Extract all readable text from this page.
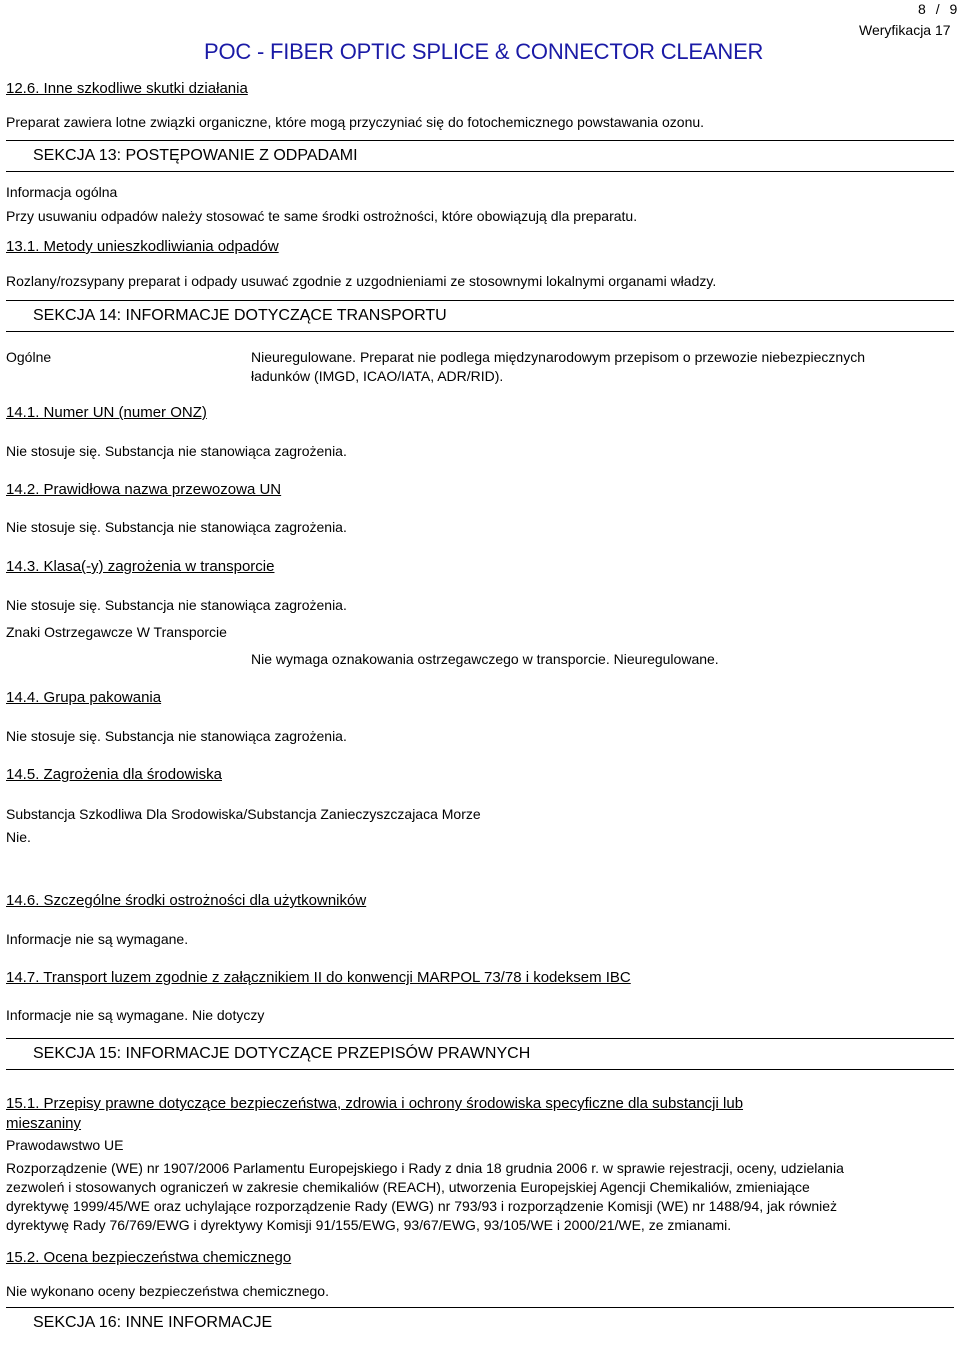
8 / 9
Weryfikacja 17
POC - FIBER OPTIC SPLICE & CONNECTOR CLEANER
12.6. Inne szkodliwe skutki działania
Preparat zawiera lotne związki organiczne, które mogą przyczyniać się do fotochemicznego powstawania ozonu.
SEKCJA 13: POSTĘPOWANIE Z ODPADAMI
Informacja ogólna
Przy usuwaniu odpadów należy stosować te same środki ostrożności, które obowiązują dla preparatu.
13.1. Metody unieszkodliwiania odpadów
Rozlany/rozsypany preparat i odpady usuwać zgodnie z uzgodnieniami ze stosownymi lokalnymi organami władzy.
SEKCJA 14: INFORMACJE DOTYCZĄCE TRANSPORTU
Ogólne	Nieuregulowane. Preparat nie podlega międzynarodowym przepisom o przewozie niebezpiecznych
ładunków (IMGD, ICAO/IATA, ADR/RID).
14.1. Numer UN (numer ONZ)
Nie stosuje się. Substancja nie stanowiąca zagrożenia.
14.2. Prawidłowa nazwa przewozowa UN
Nie stosuje się. Substancja nie stanowiąca zagrożenia.
14.3. Klasa(-y) zagrożenia w transporcie
Nie stosuje się. Substancja nie stanowiąca zagrożenia.
Znaki Ostrzegawcze W Transporcie
Nie wymaga oznakowania ostrzegawczego w transporcie. Nieuregulowane.
14.4. Grupa pakowania
Nie stosuje się. Substancja nie stanowiąca zagrożenia.
14.5. Zagrożenia dla środowiska
Substancja Szkodliwa Dla Srodowiska/Substancja Zanieczyszczajaca Morze
Nie.
14.6. Szczególne środki ostrożności dla użytkowników
Informacje nie są wymagane.
14.7. Transport luzem zgodnie z załącznikiem II do konwencji MARPOL 73/78 i kodeksem IBC
Informacje nie są wymagane. Nie dotyczy
SEKCJA 15: INFORMACJE DOTYCZĄCE PRZEPISÓW PRAWNYCH
15.1. Przepisy prawne dotyczące bezpieczeństwa, zdrowia i ochrony środowiska specyficzne dla substancji lub
mieszaniny
Prawodawstwo UE
Rozporządzenie (WE) nr 1907/2006 Parlamentu Europejskiego i Rady z dnia 18 grudnia 2006 r. w sprawie rejestracji, oceny, udzielania
zezwoleń i stosowanych ograniczeń w zakresie chemikaliów (REACH), utworzenia Europejskiej Agencji Chemikaliów, zmieniające
dyrektywę 1999/45/WE oraz uchylające rozporządzenie Rady (EWG) nr 793/93 i rozporządzenie Komisji (WE) nr 1488/94, jak również
dyrektywę Rady 76/769/EWG i dyrektywy Komisji 91/155/EWG, 93/67/EWG, 93/105/WE i 2000/21/WE, ze zmianami.
15.2. Ocena bezpieczeństwa chemicznego
Nie wykonano oceny bezpieczeństwa chemicznego.
SEKCJA 16: INNE INFORMACJE
